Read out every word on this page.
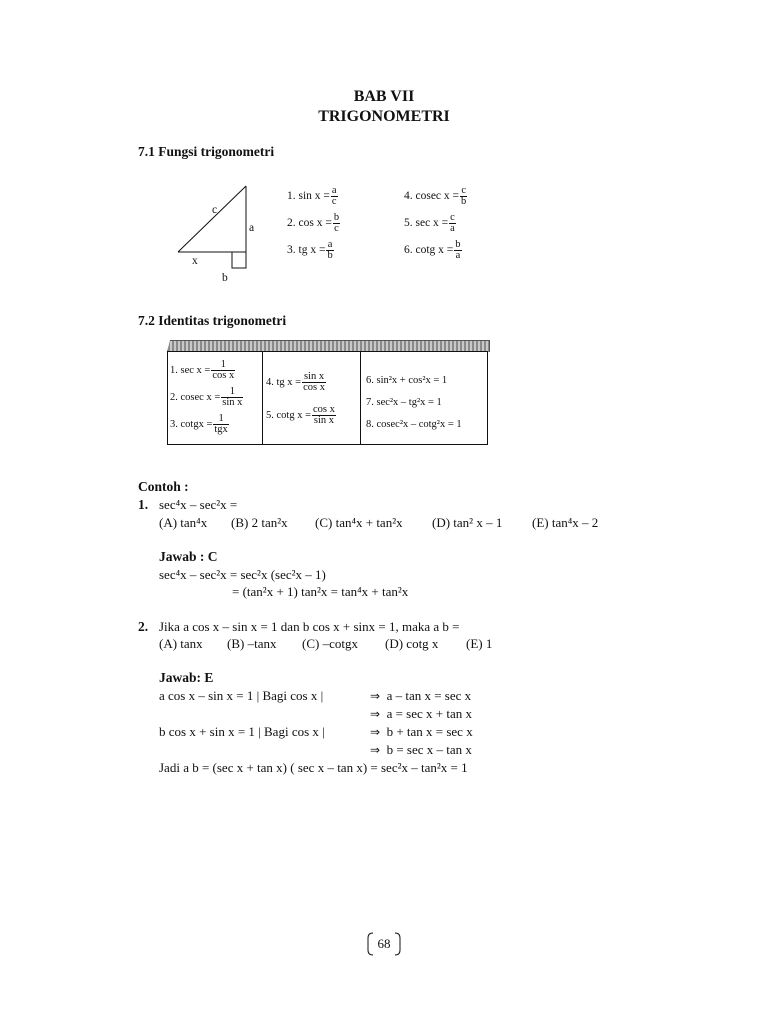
BAB VII
TRIGONOMETRI
7.1 Fungsi trigonometri
c
a
x
b
1. $\sin x = \frac{a}{c}$
2. $\cos x = \frac{b}{c}$
3. tg $x = \frac{a}{b}$
4. cosec $x = \frac{c}{b}$
5. $\sec x = \frac{c}{a}$
6. cotg $x = \frac{b}{a}$
7.2 Identitas trigonometri
1. $\sec x = \frac{1}{\text{cos x}}$
2. cosec $x = \frac{1}{\text{sin x}}$
3. cotgx =
1
tgx
4. tg $x = \frac{\text{sin x}}{\text{cos x}}$
5. cotg $x = \frac{\text{cos x}}{\text{sin x}}$
6. sin²x + cos²x = 1
7. sec²x – tg²x = 1
8. cosec²x – cotg²x = 1
Contoh :
1. sec⁴x – sec²x =
(A) tan⁴x (B) 2 tan²x (C) tan⁴x + tan²x (D) tan² x – 1 (E) tan⁴x – 2
Jawab : C
sec⁴x – sec²x = sec²x (sec²x – 1)
= (tan²x + 1) tan²x = tan⁴x + tan²x
2. Jika a cos x – sin x = 1 dan b cos x + sinx = 1, maka a b =
(A) tanx (B) –tanx (C) –cotgx (D) cotg x (E) 1
Jawab: E
a cos x – sin x = 1 | Bagi cos x |	⇒ a – tan x = sec x
⇒ a = sec x + tan x
b cos x + sin x = 1 | Bagi cos x |	⇒ b + tan x = sec x
⇒ b = sec x – tan x
Jadi a b = (sec x + tan x) ( sec x – tan x) = sec²x – tan²x = 1
68
